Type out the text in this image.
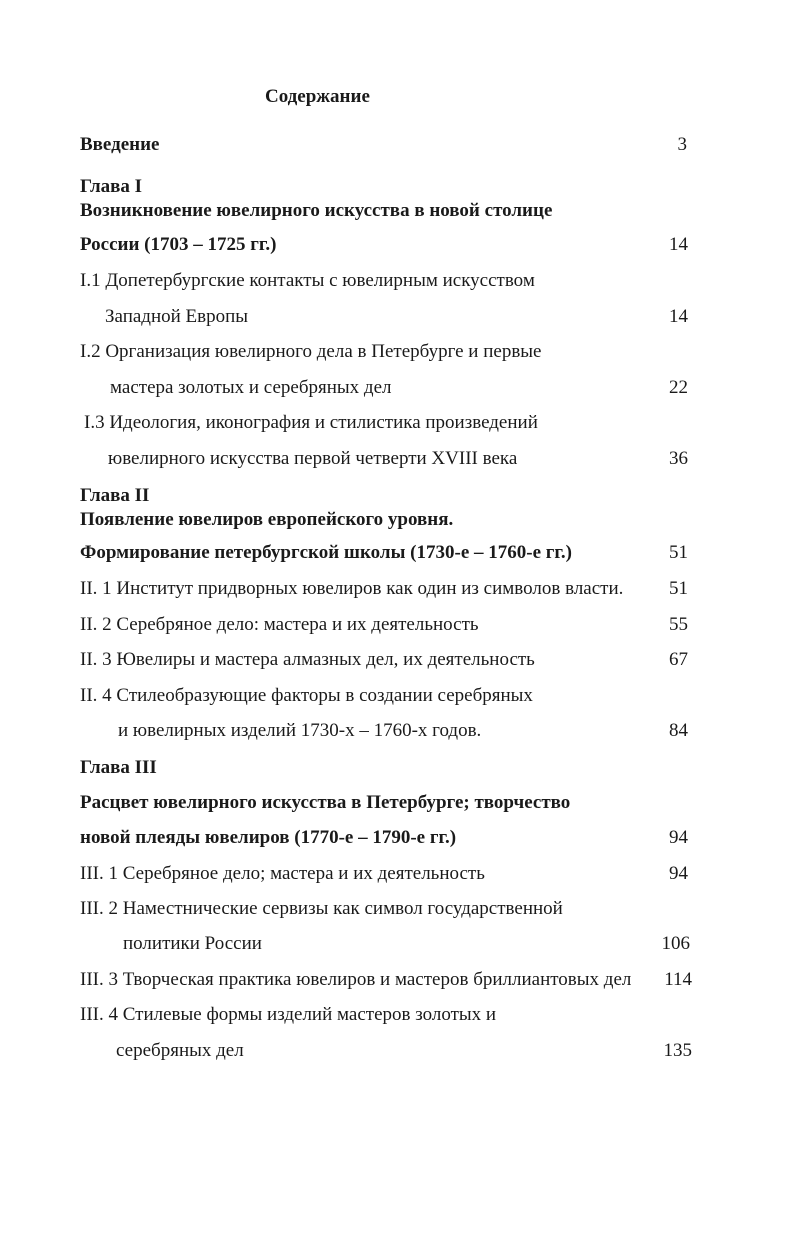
Содержание
Введение	3
Глава I
Возникновение ювелирного искусства в новой столице
России (1703 – 1725 гг.)	14
I.1 Допетербургские контакты с ювелирным искусством
Западной Европы	14
I.2 Организация ювелирного дела в Петербурге и первые
мастера золотых и серебряных дел	22
I.3 Идеология, иконография и стилистика произведений
ювелирного искусства первой четверти XVIII века	36
Глава II
Появление ювелиров европейского уровня.
Формирование петербургской школы (1730-е – 1760-е гг.)	51
II. 1 Институт придворных ювелиров как один из символов власти.	51
II. 2 Серебряное дело: мастера и их деятельность	55
II. 3 Ювелиры и мастера алмазных дел, их деятельность	67
II. 4 Стилеобразующие факторы в создании серебряных
и ювелирных изделий 1730-х – 1760-х годов.	84
Глава III
Расцвет ювелирного искусства в Петербурге; творчество
новой плеяды ювелиров (1770-е – 1790-е гг.)	94
III. 1 Серебряное дело; мастера и их деятельность	94
III. 2 Наместнические сервизы как символ государственной
политики России	106
III. 3 Творческая практика ювелиров и мастеров бриллиантовых дел	114
III. 4 Стилевые формы изделий мастеров золотых и
серебряных дел	135
